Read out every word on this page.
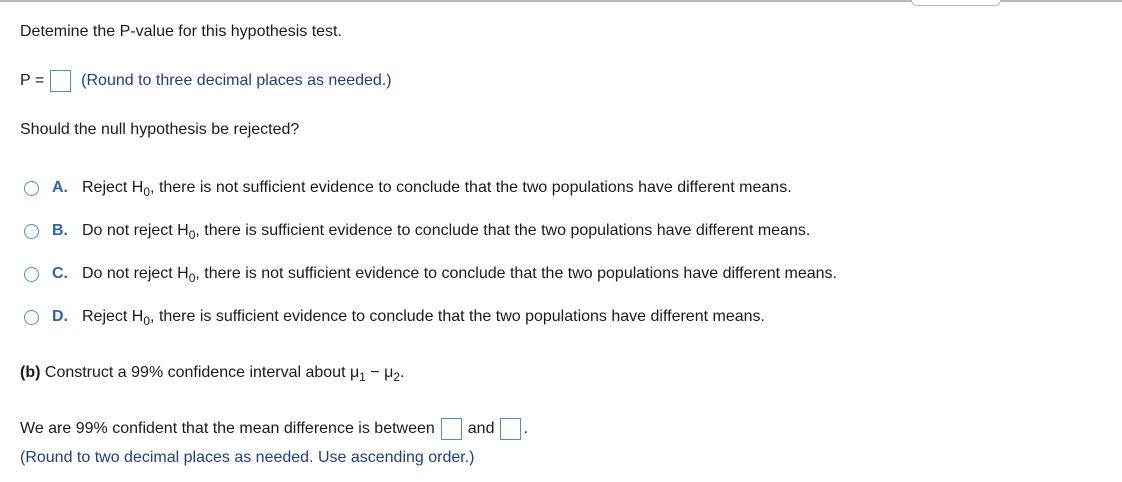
Detemine the P-value for this hypothesis test.
P = (Round to three decimal places as needed.)
Should the null hypothesis be rejected?
A. Reject $H_0$, there is not sufficient evidence to conclude that the two populations have different means.
B. Do not reject $H_0$, there is sufficient evidence to conclude that the two populations have different means.
C. Do not reject $H_0$, there is not sufficient evidence to conclude that the two populations have different means.
D. Reject $H_0$, there is sufficient evidence to conclude that the two populations have different means.
(b) Construct a 99% confidence interval about $\mu_1 - \mu_2$.
We are 99% confident that the mean difference is between and .
(Round to two decimal places as needed. Use ascending order.)
